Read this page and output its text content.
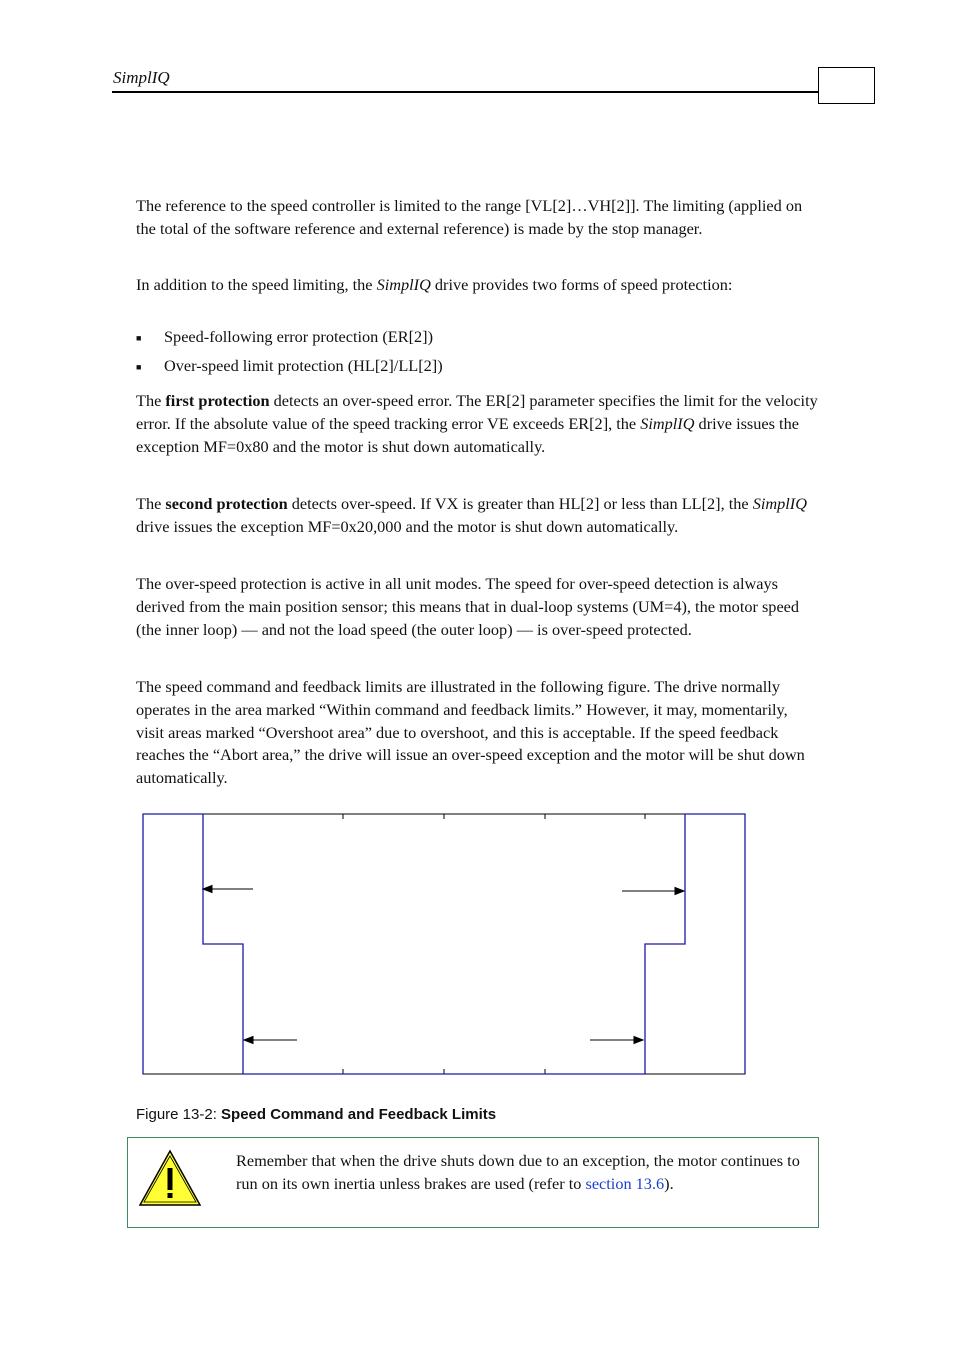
SimplIQ

The reference to the speed controller is limited to the range [VL[2]…VH[2]]. The limiting (applied on the total of the software reference and external reference) is made by the stop manager.

In addition to the speed limiting, the SimplIQ drive provides two forms of speed protection:

■ Speed-following error protection (ER[2])
■ Over-speed limit protection (HL[2]/LL[2])

The first protection detects an over-speed error. The ER[2] parameter specifies the limit for the velocity error. If the absolute value of the speed tracking error VE exceeds ER[2], the SimplIQ drive issues the exception MF=0x80 and the motor is shut down automatically.

The second protection detects over-speed. If VX is greater than HL[2] or less than LL[2], the SimplIQ drive issues the exception MF=0x20,000 and the motor is shut down automatically.

The over-speed protection is active in all unit modes. The speed for over-speed detection is always derived from the main position sensor; this means that in dual-loop systems (UM=4), the motor speed (the inner loop) — and not the load speed (the outer loop) — is over-speed protected.

The speed command and feedback limits are illustrated in the following figure. The drive normally operates in the area marked “Within command and feedback limits.” However, it may, momentarily, visit areas marked “Overshoot area” due to overshoot, and this is acceptable. If the speed feedback reaches the “Abort area,” the drive will issue an over-speed exception and the motor will be shut down automatically.

Figure 13-2: Speed Command and Feedback Limits
Remember that when the drive shuts down due to an exception, the motor continues to run on its own inertia unless brakes are used (refer to section 13.6).
